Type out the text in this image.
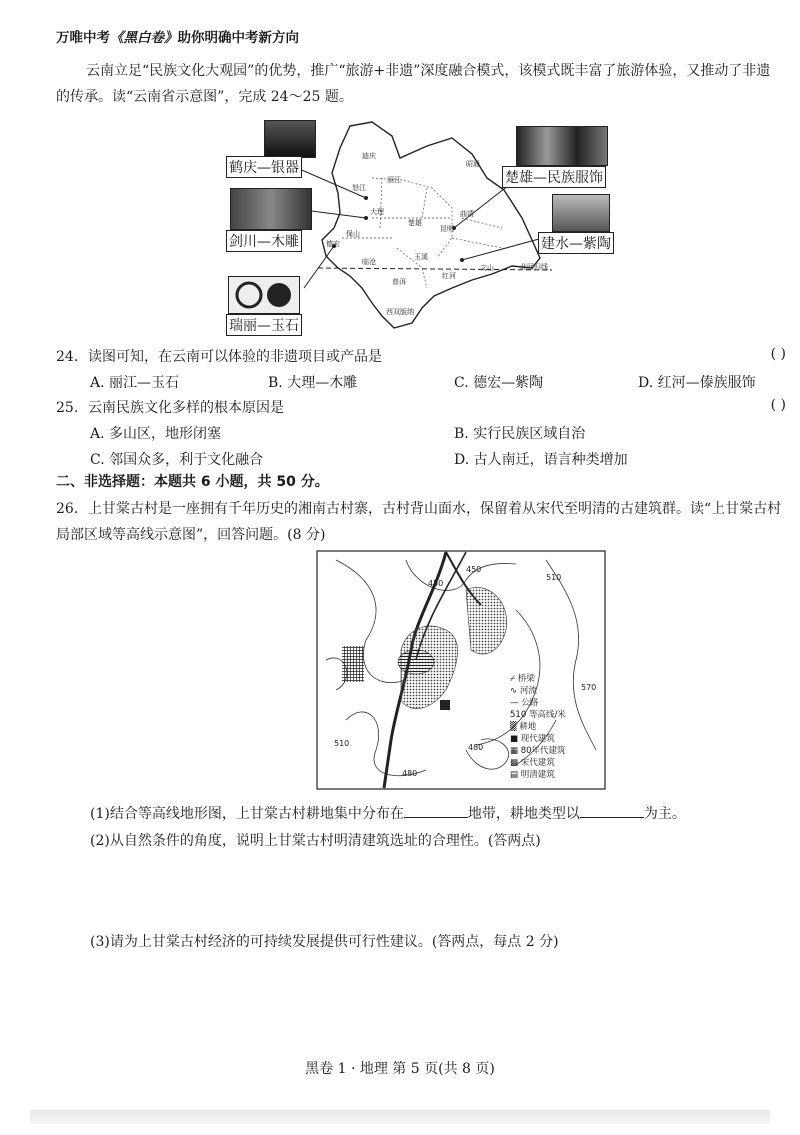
万唯中考《黑白卷》助你明确中考新方向
云南立足“民族文化大观园”的优势，推广“旅游+非遗”深度融合模式，该模式既丰富了旅游体验，又推动了非遗的传承。读“云南省示意图”，完成 24～25 题。
迪庆
丽江
怒江
大理
楚雄
昆明
曲靖
昭通
保山
临沧
玉溪
德宏
普洱
红河
文山
西双版纳
北回归线
鹤庆—银器
剑川—木雕
瑞丽—玉石
楚雄—民族服饰
建水—紫陶
24. 读图可知，在云南可以体验的非遗项目或产品是	( )
A. 丽江—玉石	B. 大理—木雕	C. 德宏—紫陶	D. 红河—傣族服饰
25. 云南民族文化多样的根本原因是	( )
A. 多山区，地形闭塞	B. 实行民族区域自治
C. 邻国众多，利于文化融合	D. 古人南迁，语言种类增加
二、非选择题：本题共 6 小题，共 50 分。
26. 上甘棠古村是一座拥有千年历史的湘南古村寨，古村背山面水，保留着从宋代至明清的古建筑群。读“上甘棠古村局部区域等高线示意图”，回答问题。(8 分)
450
450
510
570
510	480
480
⌿ 桥梁
∿ 河流
— 公路
510 等高线/米
▒ 耕地
■ 现代建筑
▦ 80年代建筑
▩ 宋代建筑
▤ 明清建筑
(1)结合等高线地形图，上甘棠古村耕地集中分布在	地带，耕地类型以	为主。
(2)从自然条件的角度，说明上甘棠古村明清建筑选址的合理性。(答两点)
(3)请为上甘棠古村经济的可持续发展提供可行性建议。(答两点，每点 2 分)
黑卷 1 · 地理 第 5 页(共 8 页)
